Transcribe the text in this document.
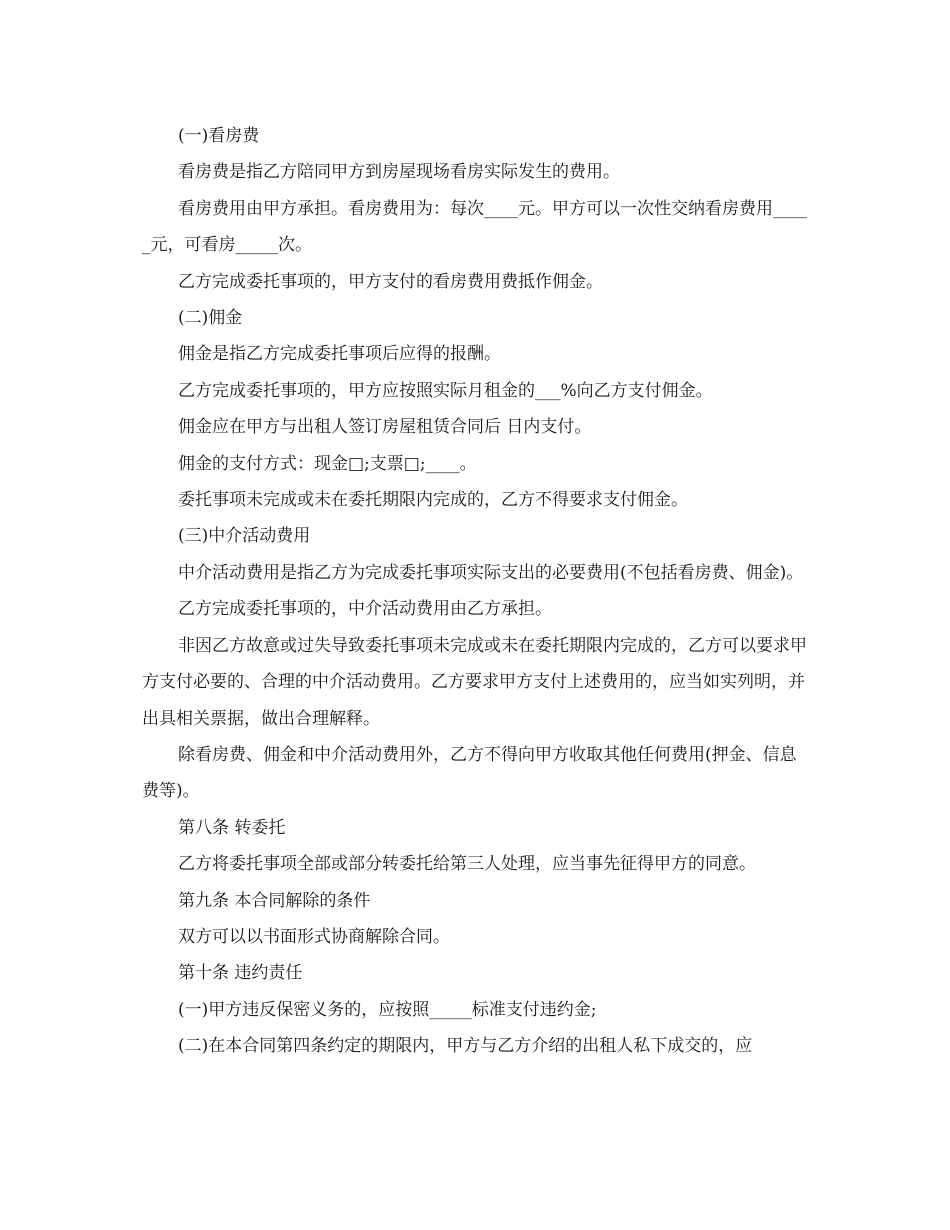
(一)看房费

看房费是指乙方陪同甲方到房屋现场看房实际发生的费用。

看房费用由甲方承担。看房费用为：每次____元。甲方可以一次性交纳看房费用_____元，可看房_____次。

乙方完成委托事项的，甲方支付的看房费用费抵作佣金。

(二)佣金

佣金是指乙方完成委托事项后应得的报酬。

乙方完成委托事项的，甲方应按照实际月租金的___%向乙方支付佣金。

佣金应在甲方与出租人签订房屋租赁合同后 日内支付。

佣金的支付方式：现金□;支票□;____。

委托事项未完成或未在委托期限内完成的，乙方不得要求支付佣金。

(三)中介活动费用

中介活动费用是指乙方为完成委托事项实际支出的必要费用(不包括看房费、佣金)。

乙方完成委托事项的，中介活动费用由乙方承担。

非因乙方故意或过失导致委托事项未完成或未在委托期限内完成的，乙方可以要求甲方支付必要的、合理的中介活动费用。乙方要求甲方支付上述费用的，应当如实列明，并出具相关票据，做出合理解释。

除看房费、佣金和中介活动费用外，乙方不得向甲方收取其他任何费用(押金、信息费等)。

第八条 转委托

乙方将委托事项全部或部分转委托给第三人处理，应当事先征得甲方的同意。

第九条 本合同解除的条件

双方可以以书面形式协商解除合同。

第十条 违约责任

(一)甲方违反保密义务的，应按照_____标准支付违约金;

(二)在本合同第四条约定的期限内，甲方与乙方介绍的出租人私下成交的，应
